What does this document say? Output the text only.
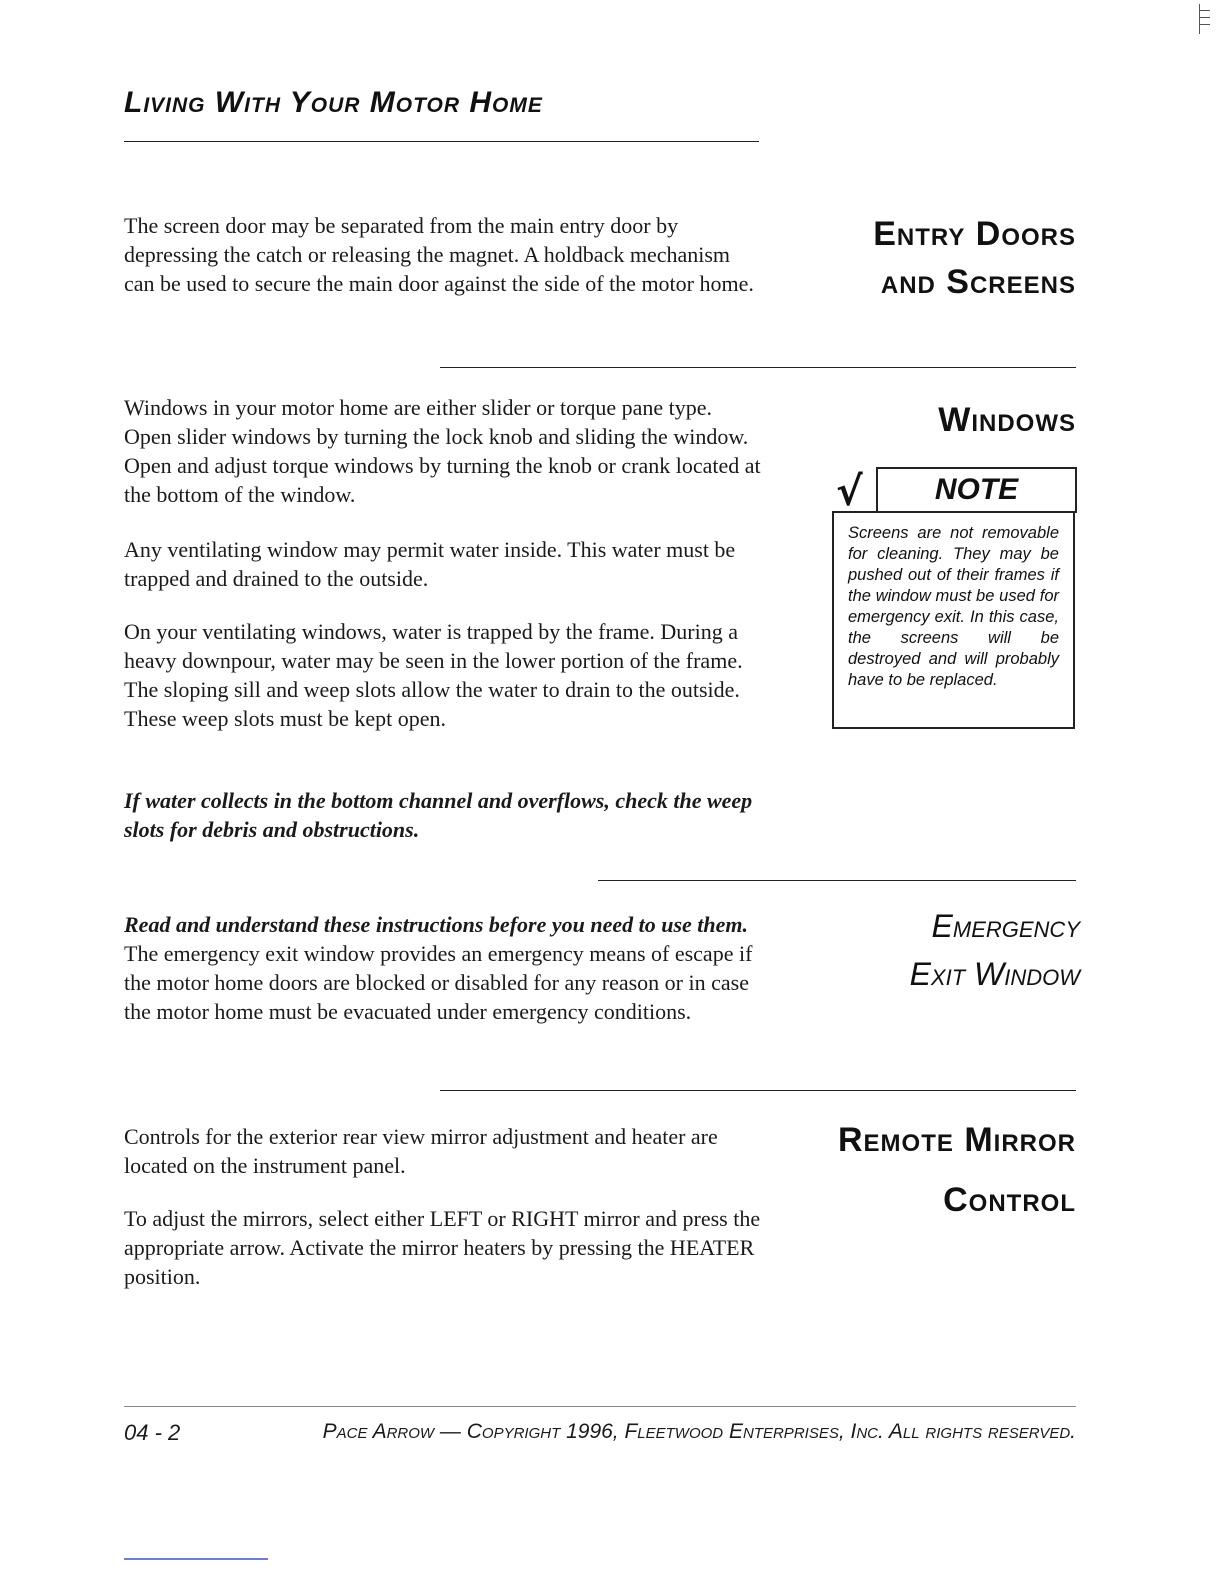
Living With Your Motor Home

The screen door may be separated from the main entry door by depressing the catch or releasing the magnet. A holdback mechanism can be used to secure the main door against the side of the motor home.

Entry Doors

and Screens

Windows in your motor home are either slider or torque pane type. Open slider windows by turning the lock knob and sliding the window. Open and adjust torque windows by turning the knob or crank located at the bottom of the window.

Any ventilating window may permit water inside. This water must be trapped and drained to the outside.

On your ventilating windows, water is trapped by the frame. During a heavy downpour, water may be seen in the lower portion of the frame. The sloping sill and weep slots allow the water to drain to the outside. These weep slots must be kept open.

If water collects in the bottom channel and overflows, check the weep slots for debris and obstructions.

Windows

√	NOTE

Screens are not removable for cleaning. They may be pushed out of their frames if the window must be used for emergency exit. In this case, the screens will be destroyed and will probably have to be replaced.

Read and understand these instructions before you need to use them. The emergency exit window provides an emergency means of escape if the motor home doors are blocked or disabled for any reason or in case the motor home must be evacuated under emergency conditions.

Emergency

Exit Window

Controls for the exterior rear view mirror adjustment and heater are located on the instrument panel.

To adjust the mirrors, select either LEFT or RIGHT mirror and press the appropriate arrow. Activate the mirror heaters by pressing the HEATER position.

Remote Mirror

Control

04 - 2	Pace Arrow — Copyright 1996, Fleetwood Enterprises, Inc. All rights reserved.
